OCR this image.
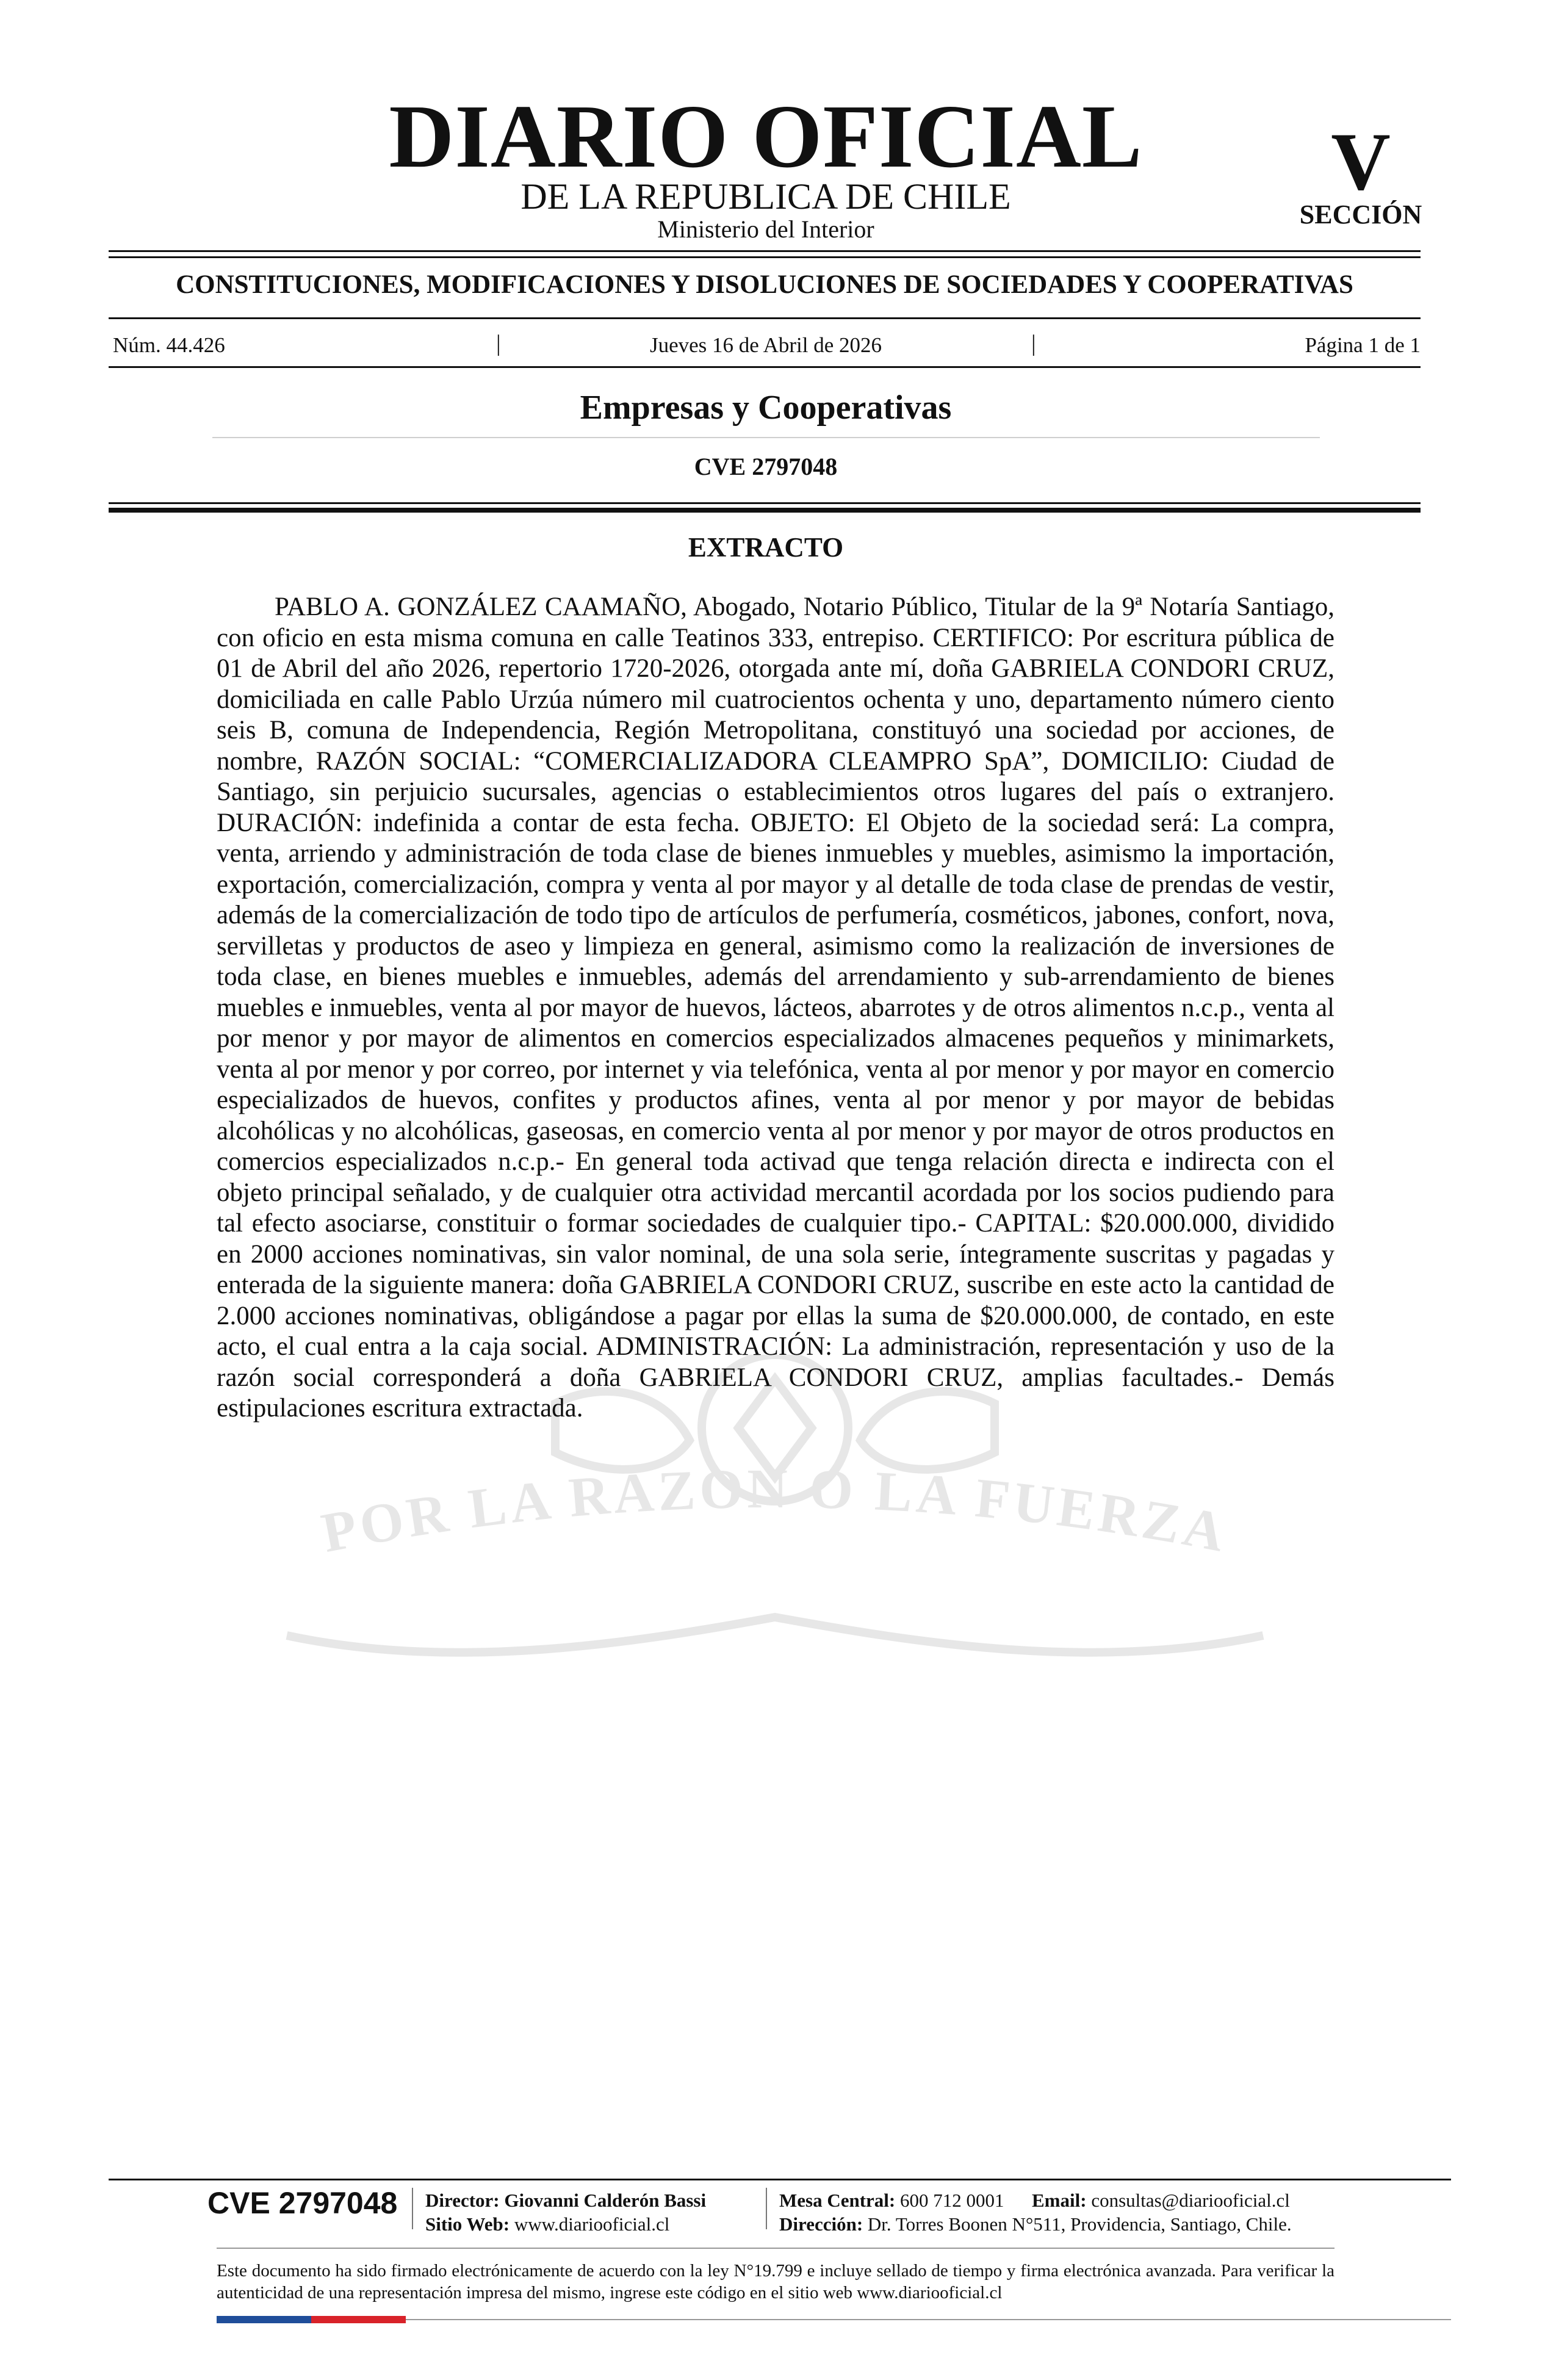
DIARIO OFICIAL
DE LA REPUBLICA DE CHILE
Ministerio del Interior
V
SECCIÓN
CONSTITUCIONES, MODIFICACIONES Y DISOLUCIONES DE SOCIEDADES Y COOPERATIVAS
Núm. 44.426	|	Jueves 16 de Abril de 2026	|	Página 1 de 1
Empresas y Cooperativas
CVE 2797048
EXTRACTO
POR LA RAZON O LA FUERZA

PABLO A. GONZÁLEZ CAAMAÑO, Abogado, Notario Público, Titular de la 9ª Notaría Santiago, con oficio en esta misma comuna en calle Teatinos 333, entrepiso. CERTIFICO: Por escritura pública de 01 de Abril del año 2026, repertorio 1720-2026, otorgada ante mí, doña GABRIELA CONDORI CRUZ, domiciliada en calle Pablo Urzúa número mil cuatrocientos ochenta y uno, departamento número ciento seis B, comuna de Independencia, Región Metropolitana, constituyó una sociedad por acciones, de nombre, RAZÓN SOCIAL: “COMERCIALIZADORA CLEAMPRO SpA”, DOMICILIO: Ciudad de Santiago, sin perjuicio sucursales, agencias o establecimientos otros lugares del país o extranjero. DURACIÓN: indefinida a contar de esta fecha. OBJETO: El Objeto de la sociedad será: La compra, venta, arriendo y administración de toda clase de bienes inmuebles y muebles, asimismo la importación, exportación, comercialización, compra y venta al por mayor y al detalle de toda clase de prendas de vestir, además de la comercialización de todo tipo de artículos de perfumería, cosméticos, jabones, confort, nova, servilletas y productos de aseo y limpieza en general, asimismo como la realización de inversiones de toda clase, en bienes muebles e inmuebles, además del arrendamiento y sub-arrendamiento de bienes muebles e inmuebles, venta al por mayor de huevos, lácteos, abarrotes y de otros alimentos n.c.p., venta al por menor y por mayor de alimentos en comercios especializados almacenes pequeños y minimarkets, venta al por menor y por correo, por internet y via telefónica, venta al por menor y por mayor en comercio especializados de huevos, confites y productos afines, venta al por menor y por mayor de bebidas alcohólicas y no alcohólicas, gaseosas, en comercio venta al por menor y por mayor de otros productos en comercios especializados n.c.p.- En general toda activad que tenga relación directa e indirecta con el objeto principal señalado, y de cualquier otra actividad mercantil acordada por los socios pudiendo para tal efecto asociarse, constituir o formar sociedades de cualquier tipo.- CAPITAL: $20.000.000, dividido en 2000 acciones nominativas, sin valor nominal, de una sola serie, íntegramente suscritas y pagadas y enterada de la siguiente manera: doña GABRIELA CONDORI CRUZ, suscribe en este acto la cantidad de 2.000 acciones nominativas, obligándose a pagar por ellas la suma de $20.000.000, de contado, en este acto, el cual entra a la caja social. ADMINISTRACIÓN: La administración, representación y uso de la razón social corresponderá a doña GABRIELA CONDORI CRUZ, amplias facultades.- Demás estipulaciones escritura extractada.

CVE 2797048 Director: Giovanni Calderón Bassi
Sitio Web: www.diariooficial.cl
Mesa Central: 600 712 0001 Email: consultas@diariooficial.cl
Dirección: Dr. Torres Boonen N°511, Providencia, Santiago, Chile.

Este documento ha sido firmado electrónicamente de acuerdo con la ley N°19.799 e incluye sellado de tiempo y firma electrónica avanzada. Para verificar la autenticidad de una representación impresa del mismo, ingrese este código en el sitio web www.diariooficial.cl
